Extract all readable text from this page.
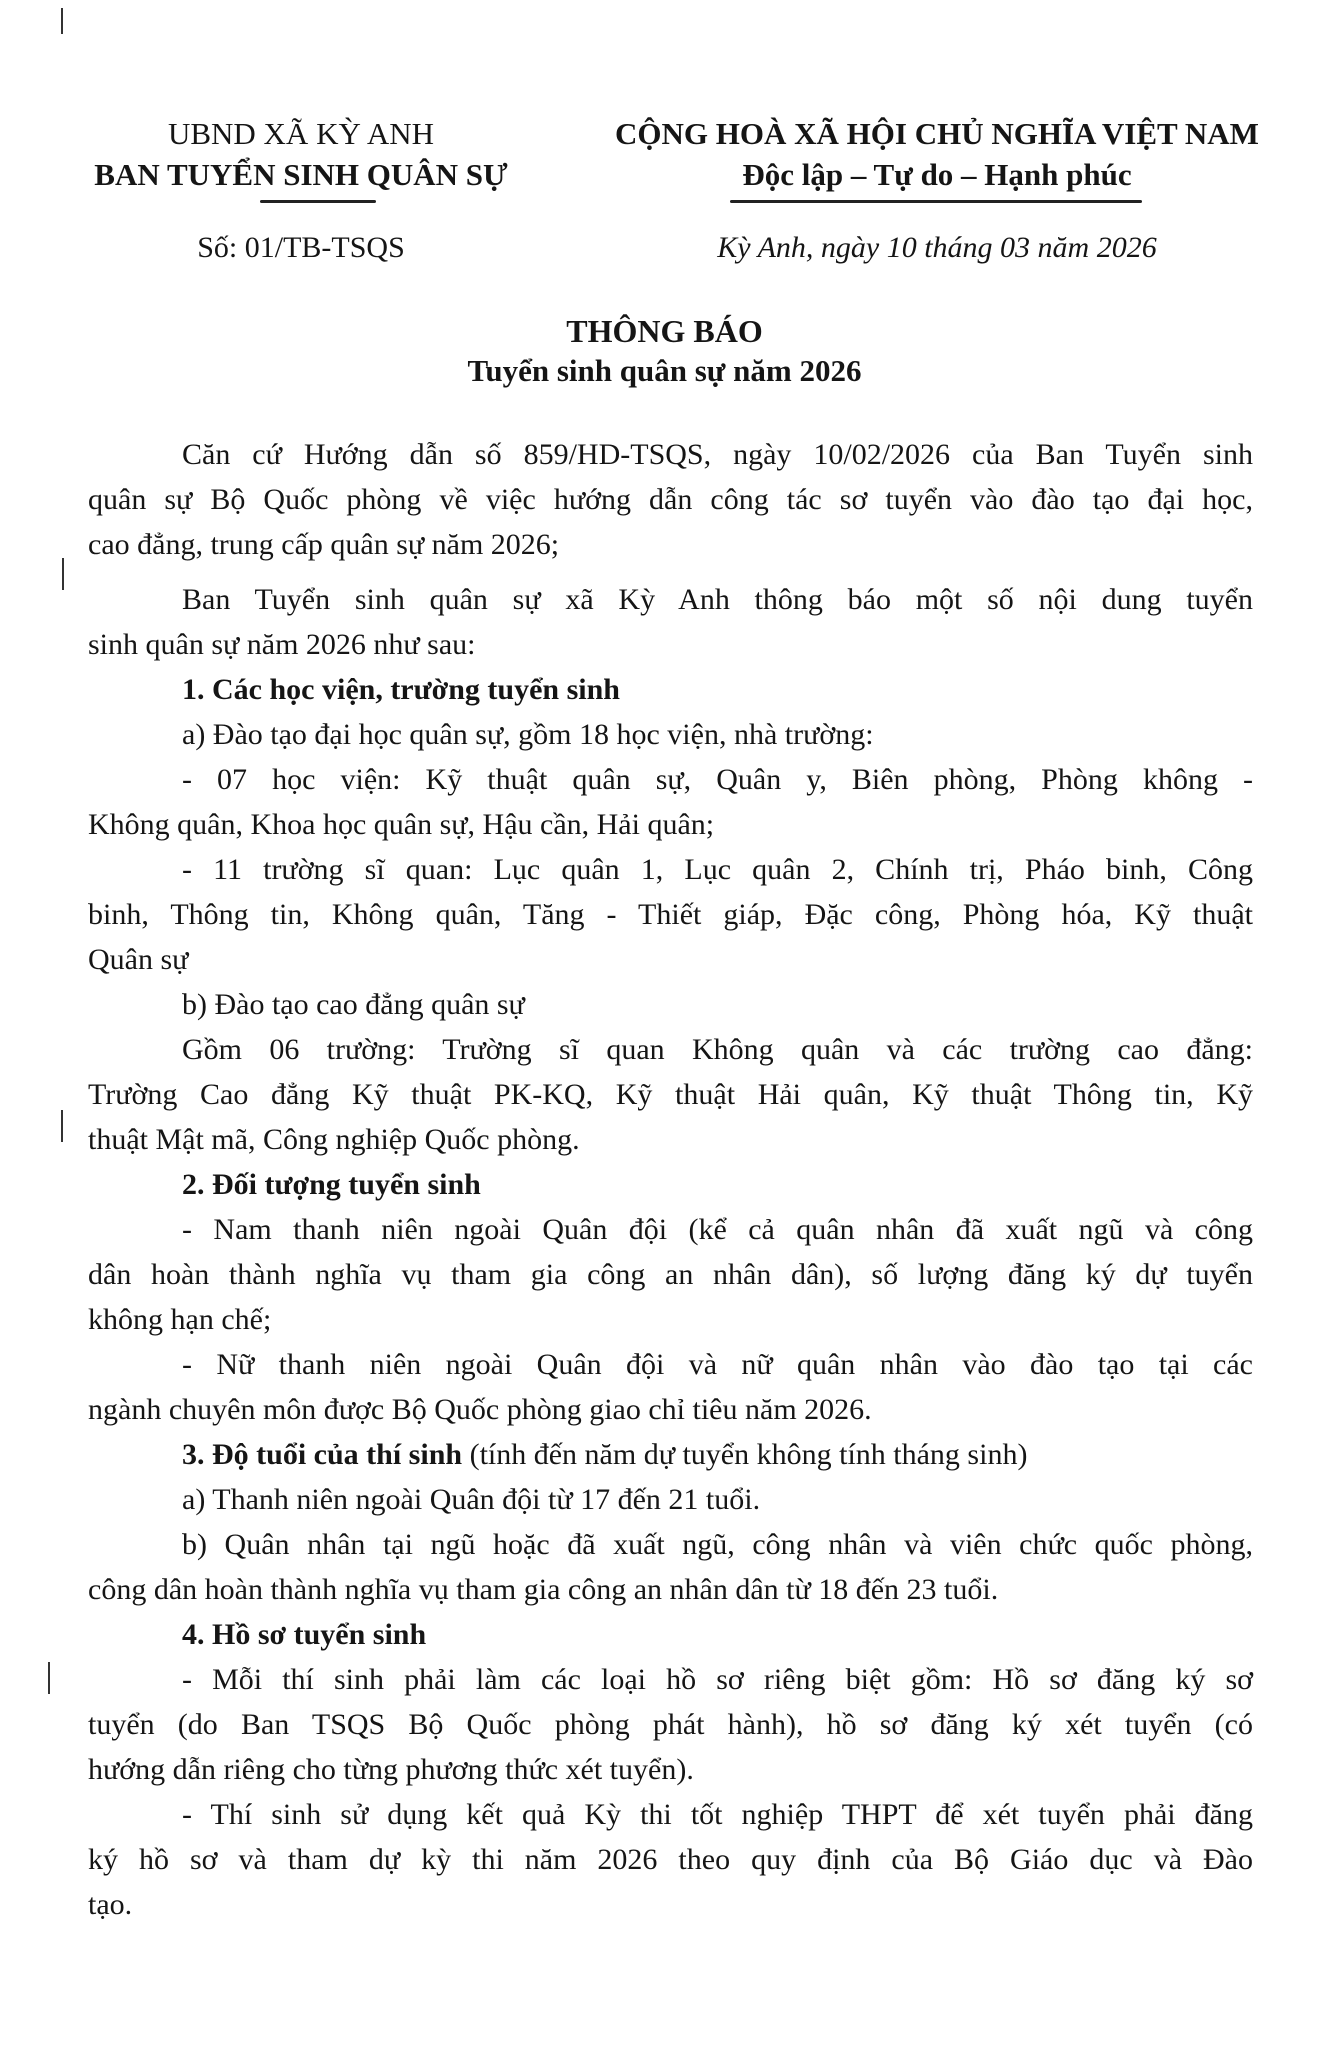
UBND XÃ KỲ ANH
BAN TUYỂN SINH QUÂN SỰ
Số: 01/TB-TSQS
CỘNG HOÀ XÃ HỘI CHỦ NGHĨA VIỆT NAM
Độc lập – Tự do – Hạnh phúc
Kỳ Anh, ngày 10 tháng 03 năm 2026
THÔNG BÁO
Tuyển sinh quân sự năm 2026
Căn cứ Hướng dẫn số 859/HD-TSQS, ngày 10/02/2026 của Ban Tuyển sinh
quân sự Bộ Quốc phòng về việc hướng dẫn công tác sơ tuyển vào đào tạo đại học,
cao đẳng, trung cấp quân sự năm 2026;
Ban Tuyển sinh quân sự xã Kỳ Anh thông báo một số nội dung tuyển
sinh quân sự năm 2026 như sau:
1. Các học viện, trường tuyển sinh
a) Đào tạo đại học quân sự, gồm 18 học viện, nhà trường:
- 07 học viện: Kỹ thuật quân sự, Quân y, Biên phòng, Phòng không -
Không quân, Khoa học quân sự, Hậu cần, Hải quân;
- 11 trường sĩ quan: Lục quân 1, Lục quân 2, Chính trị, Pháo binh, Công
binh, Thông tin, Không quân, Tăng - Thiết giáp, Đặc công, Phòng hóa, Kỹ thuật
Quân sự
b) Đào tạo cao đẳng quân sự
Gồm 06 trường: Trường sĩ quan Không quân và các trường cao đẳng:
Trường Cao đẳng Kỹ thuật PK-KQ, Kỹ thuật Hải quân, Kỹ thuật Thông tin, Kỹ
thuật Mật mã, Công nghiệp Quốc phòng.
2. Đối tượng tuyển sinh
- Nam thanh niên ngoài Quân đội (kể cả quân nhân đã xuất ngũ và công
dân hoàn thành nghĩa vụ tham gia công an nhân dân), số lượng đăng ký dự tuyển
không hạn chế;
- Nữ thanh niên ngoài Quân đội và nữ quân nhân vào đào tạo tại các
ngành chuyên môn được Bộ Quốc phòng giao chỉ tiêu năm 2026.
3. Độ tuổi của thí sinh (tính đến năm dự tuyển không tính tháng sinh)
a) Thanh niên ngoài Quân đội từ 17 đến 21 tuổi.
b) Quân nhân tại ngũ hoặc đã xuất ngũ, công nhân và viên chức quốc phòng,
công dân hoàn thành nghĩa vụ tham gia công an nhân dân từ 18 đến 23 tuổi.
4. Hồ sơ tuyển sinh
- Mỗi thí sinh phải làm các loại hồ sơ riêng biệt gồm: Hồ sơ đăng ký sơ
tuyển (do Ban TSQS Bộ Quốc phòng phát hành), hồ sơ đăng ký xét tuyển (có
hướng dẫn riêng cho từng phương thức xét tuyển).
- Thí sinh sử dụng kết quả Kỳ thi tốt nghiệp THPT để xét tuyển phải đăng
ký hồ sơ và tham dự kỳ thi năm 2026 theo quy định của Bộ Giáo dục và Đào
tạo.
